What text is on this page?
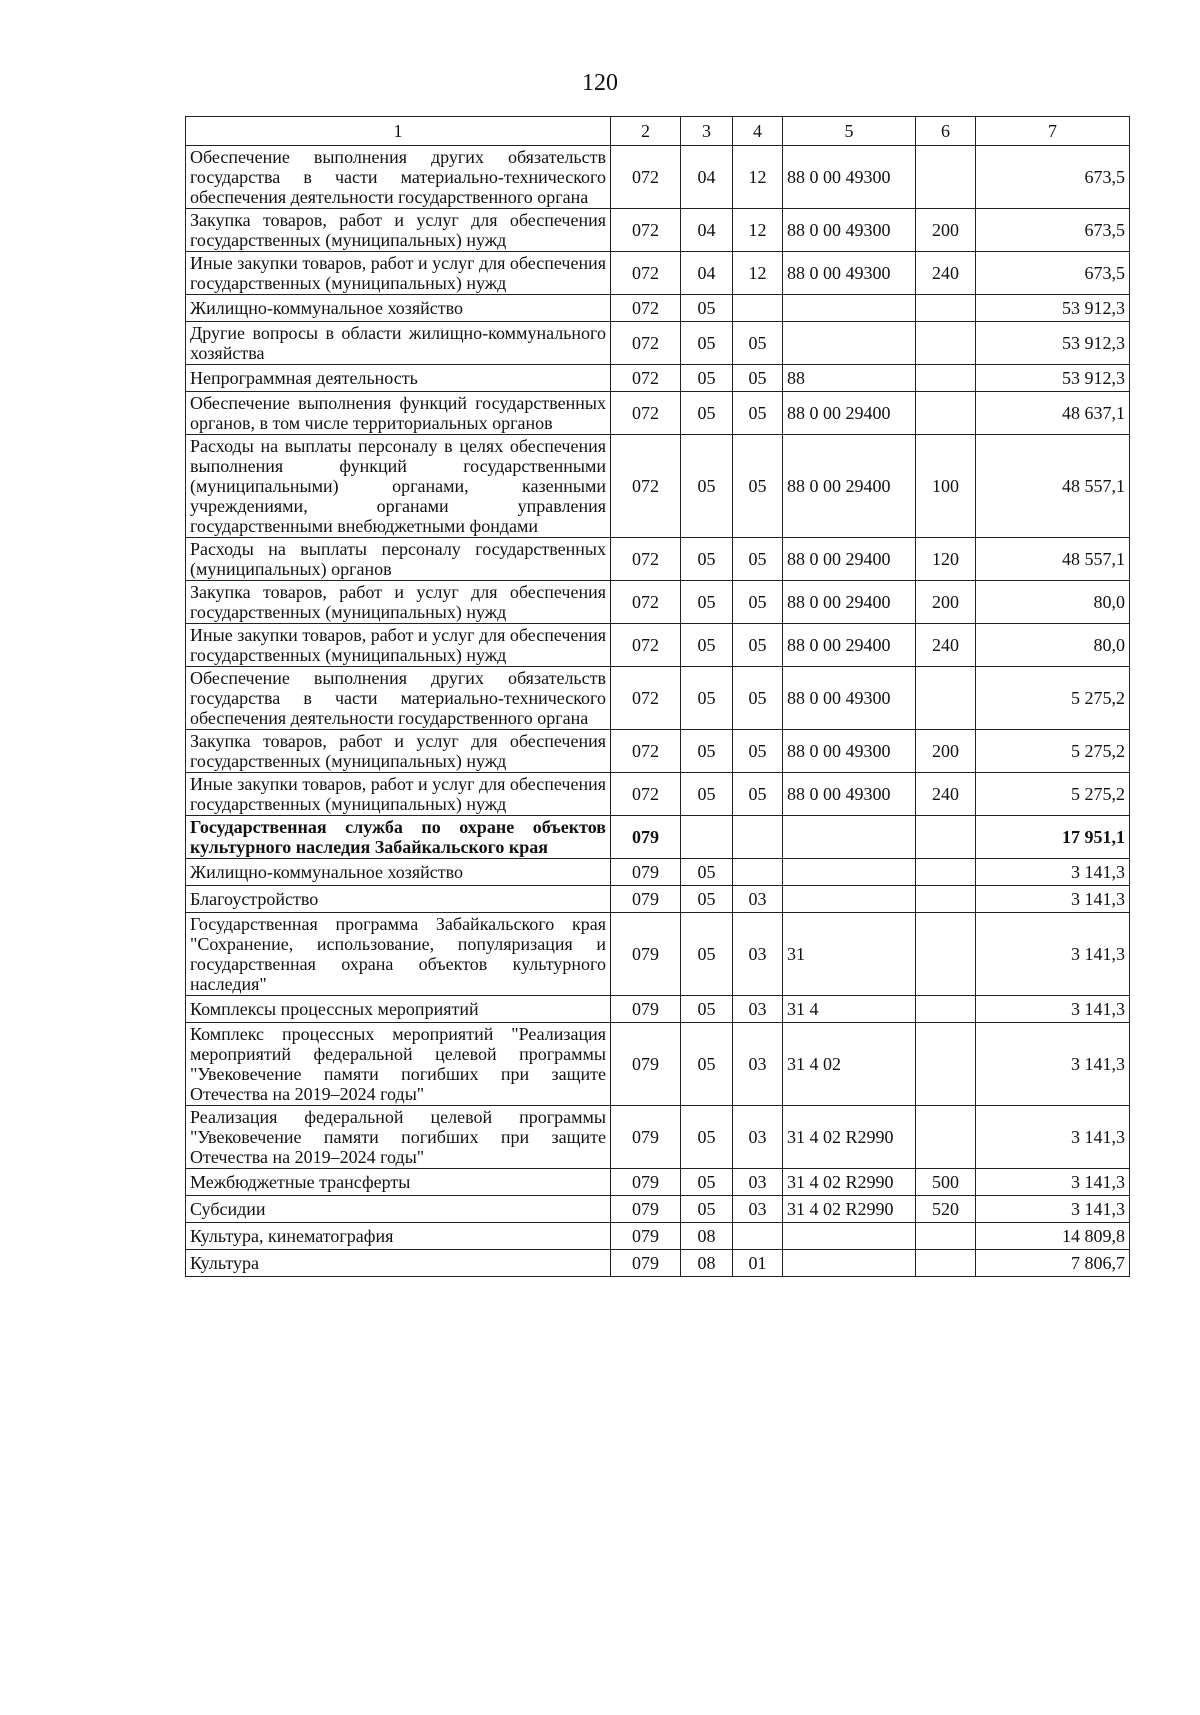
120
1	2	3	4	5	6	7
Обеспечение выполнения других обязательств государства в части материально-технического обеспечения деятельности государственного органа	072	04	12	88 0 00 49300		673,5
Закупка товаров, работ и услуг для обеспечения государственных (муниципальных) нужд	072	04	12	88 0 00 49300	200	673,5
Иные закупки товаров, работ и услуг для обеспечения государственных (муниципальных) нужд	072	04	12	88 0 00 49300	240	673,5
Жилищно-коммунальное хозяйство	072	05				53 912,3
Другие вопросы в области жилищно-коммунального хозяйства	072	05	05			53 912,3
Непрограммная деятельность	072	05	05	88		53 912,3
Обеспечение выполнения функций государственных органов, в том числе территориальных органов	072	05	05	88 0 00 29400		48 637,1
Расходы на выплаты персоналу в целях обеспечения выполнения функций государственными (муниципальными) органами, казенными учреждениями, органами управления государственными внебюджетными фондами	072	05	05	88 0 00 29400	100	48 557,1
Расходы на выплаты персоналу государственных (муниципальных) органов	072	05	05	88 0 00 29400	120	48 557,1
Закупка товаров, работ и услуг для обеспечения государственных (муниципальных) нужд	072	05	05	88 0 00 29400	200	80,0
Иные закупки товаров, работ и услуг для обеспечения государственных (муниципальных) нужд	072	05	05	88 0 00 29400	240	80,0
Обеспечение выполнения других обязательств государства в части материально-технического обеспечения деятельности государственного органа	072	05	05	88 0 00 49300		5 275,2
Закупка товаров, работ и услуг для обеспечения государственных (муниципальных) нужд	072	05	05	88 0 00 49300	200	5 275,2
Иные закупки товаров, работ и услуг для обеспечения государственных (муниципальных) нужд	072	05	05	88 0 00 49300	240	5 275,2
Государственная служба по охране объектов культурного наследия Забайкальского края	079					17 951,1
Жилищно-коммунальное хозяйство	079	05				3 141,3
Благоустройство	079	05	03			3 141,3
Государственная программа Забайкальского края "Сохранение, использование, популяризация и государственная охрана объектов культурного наследия"	079	05	03	31		3 141,3
Комплексы процессных мероприятий	079	05	03	31 4		3 141,3
Комплекс процессных мероприятий "Реализация мероприятий федеральной целевой программы "Увековечение памяти погибших при защите Отечества на 2019–2024 годы"	079	05	03	31 4 02		3 141,3
Реализация федеральной целевой программы "Увековечение памяти погибших при защите Отечества на 2019–2024 годы"	079	05	03	31 4 02 R2990		3 141,3
Межбюджетные трансферты	079	05	03	31 4 02 R2990	500	3 141,3
Субсидии	079	05	03	31 4 02 R2990	520	3 141,3
Культура, кинематография	079	08				14 809,8
Культура	079	08	01			7 806,7
